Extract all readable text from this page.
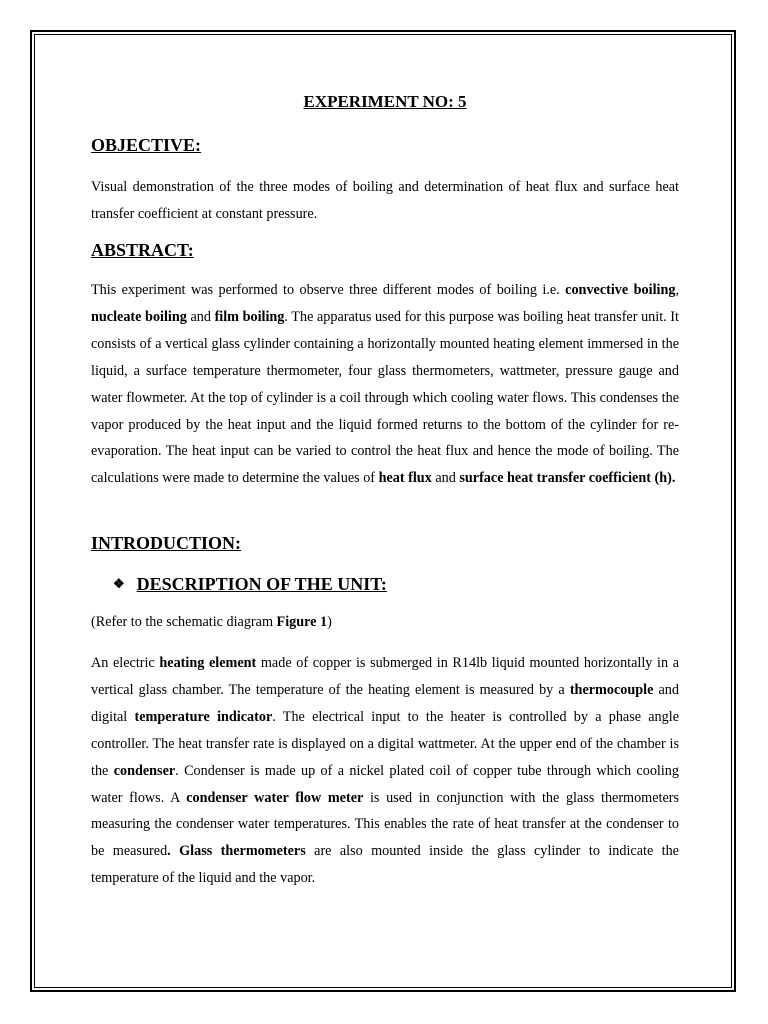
EXPERIMENT NO: 5
OBJECTIVE:
Visual demonstration of the three modes of boiling and determination of heat flux and surface heat transfer coefficient at constant pressure.
ABSTRACT:
This experiment was performed to observe three different modes of boiling i.e. convective boiling, nucleate boiling and film boiling. The apparatus used for this purpose was boiling heat transfer unit. It consists of a vertical glass cylinder containing a horizontally mounted heating element immersed in the liquid, a surface temperature thermometer, four glass thermometers, wattmeter, pressure gauge and water flowmeter. At the top of cylinder is a coil through which cooling water flows. This condenses the vapor produced by the heat input and the liquid formed returns to the bottom of the cylinder for re-evaporation. The heat input can be varied to control the heat flux and hence the mode of boiling. The calculations were made to determine the values of heat flux and surface heat transfer coefficient (h).
INTRODUCTION:
❖ DESCRIPTION OF THE UNIT:
(Refer to the schematic diagram Figure 1)
An electric heating element made of copper is submerged in R14lb liquid mounted horizontally in a vertical glass chamber. The temperature of the heating element is measured by a thermocouple and digital temperature indicator. The electrical input to the heater is controlled by a phase angle controller. The heat transfer rate is displayed on a digital wattmeter. At the upper end of the chamber is the condenser. Condenser is made up of a nickel plated coil of copper tube through which cooling water flows. A condenser water flow meter is used in conjunction with the glass thermometers measuring the condenser water temperatures. This enables the rate of heat transfer at the condenser to be measured. Glass thermometers are also mounted inside the glass cylinder to indicate the temperature of the liquid and the vapor.
